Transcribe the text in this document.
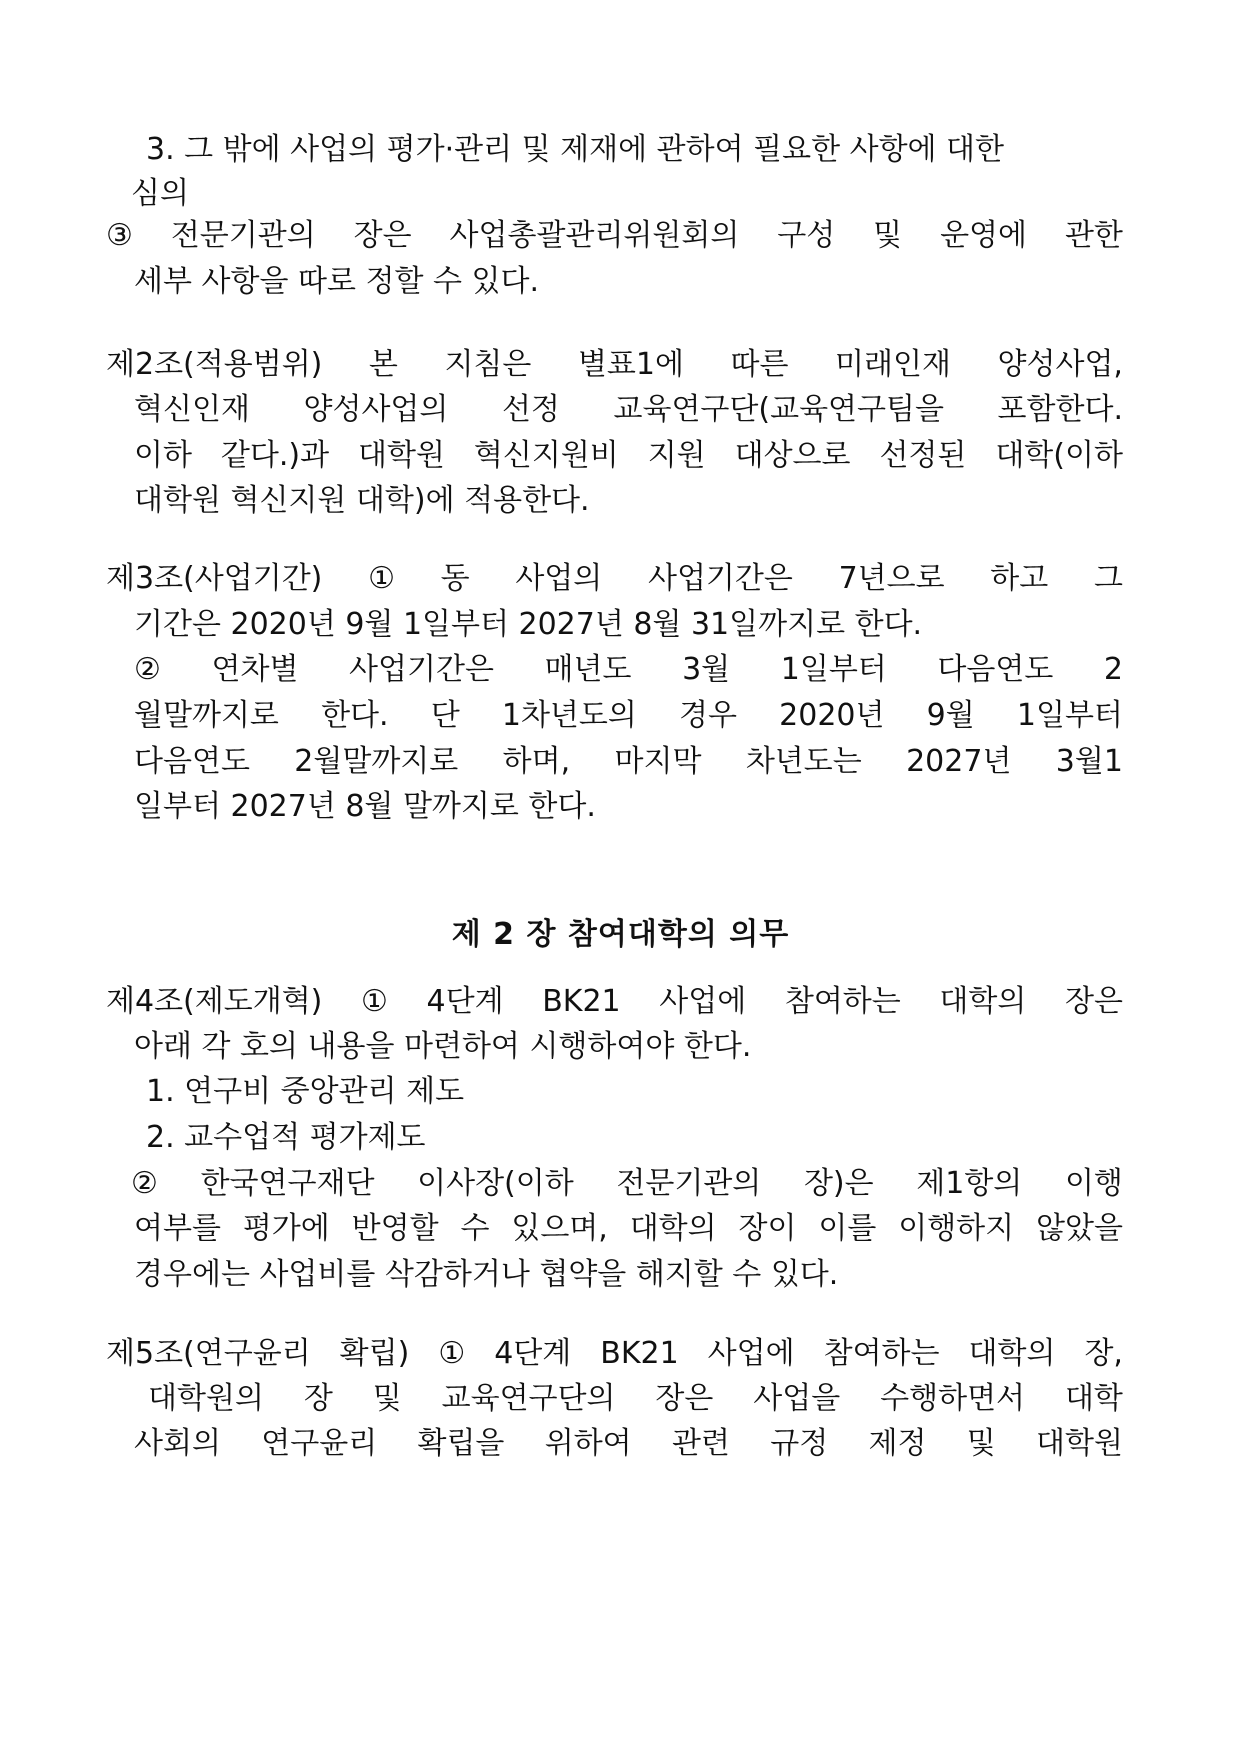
3. 그 밖에 사업의 평가·관리 및 제재에 관하여 필요한 사항에 대한
심의
③ 전문기관의 장은 사업총괄관리위원회의 구성 및 운영에 관한
세부 사항을 따로 정할 수 있다.
제2조(적용범위) 본 지침은 별표1에 따른 미래인재 양성사업,
혁신인재 양성사업의 선정 교육연구단(교육연구팀을 포함한다.
이하 같다.)과 대학원 혁신지원비 지원 대상으로 선정된 대학(이하
대학원 혁신지원 대학)에 적용한다.
제3조(사업기간) ① 동 사업의 사업기간은 7년으로 하고 그
기간은 2020년 9월 1일부터 2027년 8월 31일까지로 한다.
② 연차별 사업기간은 매년도 3월 1일부터 다음연도 2
월말까지로 한다. 단 1차년도의 경우 2020년 9월 1일부터
다음연도 2월말까지로 하며, 마지막 차년도는 2027년 3월1
일부터 2027년 8월 말까지로 한다.
제 2 장 참여대학의 의무
제4조(제도개혁) ① 4단계 BK21 사업에 참여하는 대학의 장은
아래 각 호의 내용을 마련하여 시행하여야 한다.
1. 연구비 중앙관리 제도
2. 교수업적 평가제도
② 한국연구재단 이사장(이하 전문기관의 장)은 제1항의 이행
여부를 평가에 반영할 수 있으며, 대학의 장이 이를 이행하지 않았을
경우에는 사업비를 삭감하거나 협약을 해지할 수 있다.
제5조(연구윤리 확립) ① 4단계 BK21 사업에 참여하는 대학의 장,
대학원의 장 및 교육연구단의 장은 사업을 수행하면서 대학
사회의 연구윤리 확립을 위하여 관련 규정 제정 및 대학원
